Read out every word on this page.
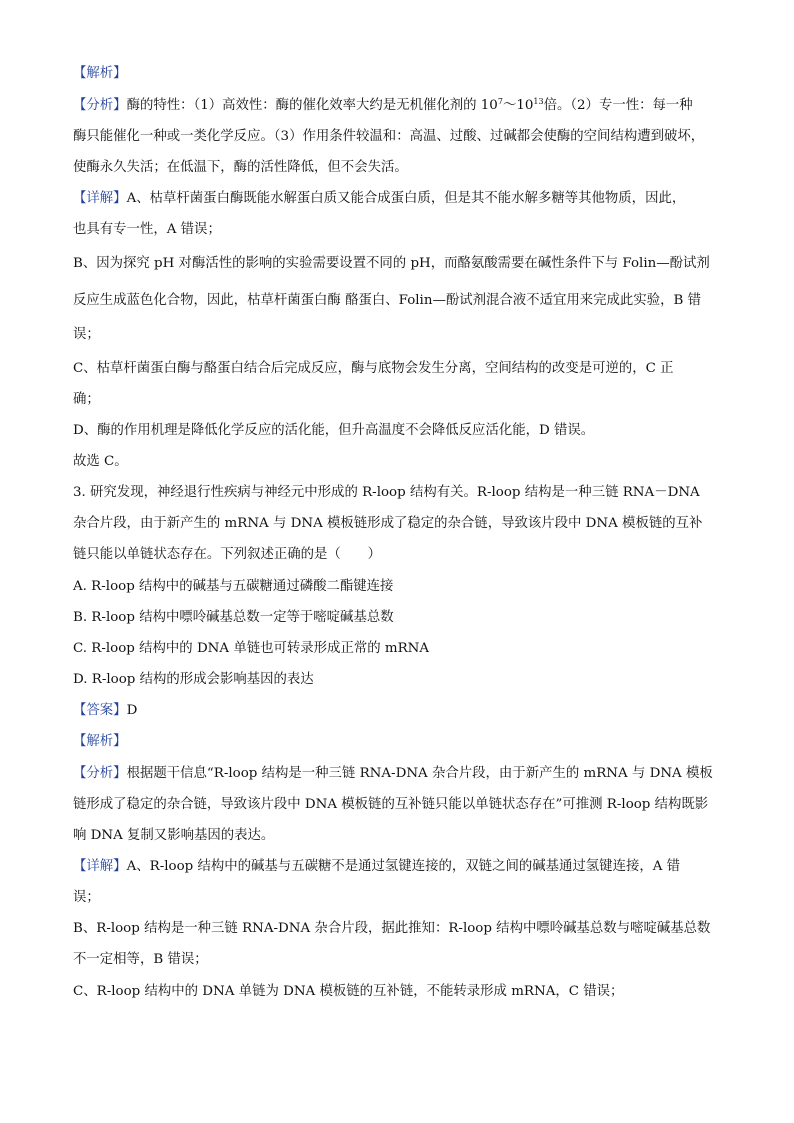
【解析】
【分析】酶的特性：（1）高效性：酶的催化效率大约是无机催化剂的 $10^7\sim 10^{13}$倍。（2）专一性：每一种
酶只能催化一种或一类化学反应。（3）作用条件较温和：高温、过酸、过碱都会使酶的空间结构遭到破坏，
使酶永久失活；在低温下，酶的活性降低，但不会失活。
【详解】A、枯草杆菌蛋白酶既能水解蛋白质又能合成蛋白质，但是其不能水解多糖等其他物质，因此，
也具有专一性，A 错误；
B、因为探究 pH 对酶活性的影响的实验需要设置不同的 pH，而酪氨酸需要在碱性条件下与 Folin—酚试剂
反应生成蓝色化合物，因此，枯草杆菌蛋白酶 酪蛋白、Folin—酚试剂混合液不适宜用来完成此实验，B 错
误；
C、枯草杆菌蛋白酶与酪蛋白结合后完成反应，酶与底物会发生分离，空间结构的改变是可逆的，C 正
确；
D、酶的作用机理是降低化学反应的活化能，但升高温度不会降低反应活化能，D 错误。
故选 C。
3. 研究发现，神经退行性疾病与神经元中形成的 R-loop 结构有关。R-loop 结构是一种三链 RNA－DNA
杂合片段，由于新产生的 mRNA 与 DNA 模板链形成了稳定的杂合链，导致该片段中 DNA 模板链的互补
链只能以单链状态存在。下列叙述正确的是（　　）
A. R-loop 结构中的碱基与五碳糖通过磷酸二酯键连接
B. R-loop 结构中嘌呤碱基总数一定等于嘧啶碱基总数
C. R-loop 结构中的 DNA 单链也可转录形成正常的 mRNA
D. R-loop 结构的形成会影响基因的表达
【答案】D
【解析】
【分析】根据题干信息“R-loop 结构是一种三链 RNA-DNA 杂合片段，由于新产生的 mRNA 与 DNA 模板
链形成了稳定的杂合链，导致该片段中 DNA 模板链的互补链只能以单链状态存在”可推测 R-loop 结构既影
响 DNA 复制又影响基因的表达。
【详解】A、R-loop 结构中的碱基与五碳糖不是通过氢键连接的，双链之间的碱基通过氢键连接，A 错
误；
B、R-loop 结构是一种三链 RNA-DNA 杂合片段，据此推知：R-loop 结构中嘌呤碱基总数与嘧啶碱基总数
不一定相等，B 错误；
C、R-loop 结构中的 DNA 单链为 DNA 模板链的互补链，不能转录形成 mRNA，C 错误；
